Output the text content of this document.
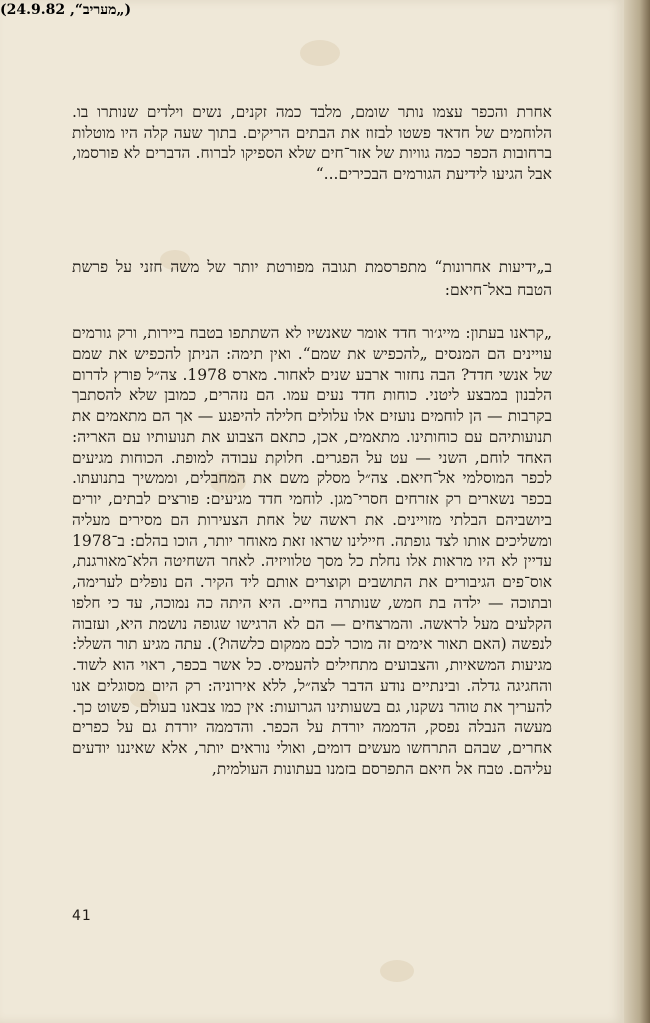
אחרת והכפר עצמו נותר שומם, מלבד כמה זקנים, נשים וילדים שנותרו בו. הלוחמים של חדאד פשטו לבזוז את הבתים הריקים. בתוך שעה קלה היו מוטלות ברחובות הכפר כמה גוויות של אזר־חים שלא הספיקו לברוח. הדברים לא פורסמו, אבל הגיעו לידיעת הגורמים הבכירים...“

(„מעריב“, 24.9.82)

ב„ידיעות אחרונות“ מתפרסמת תגובה מפורטת יותר של משה חזני על פרשת הטבח באל־חיאם:

„קראנו בעתון: מייג׳ור חדד אומר שאנשיו לא השתתפו בטבח ביירות, ורק גורמים עויינים הם המנסים „להכפיש את שמם“. ואין תימה: הניתן להכפיש את שמם של אנשי חדד? הבה נחזור ארבע שנים לאחור. מארס 1978. צה״ל פורץ לדרום הלבנון במבצע ליטני. כוחות חדד נעים עמו. הם נזהרים, כמובן שלא להסתבך בקרבות — הן לוחמים נועזים אלו עלולים חלילה להיפגע — אך הם מתאמים את תנועותיהם עם כוחותינו. מתאמים, אכן, כתאם הצבוע את תנועותיו עם האריה: האחד לוחם, השני — עט על הפגרים. חלוקת עבודה למופת. הכוחות מגיעים לכפר המוסלמי אל־חיאם. צה״ל מסלק משם את המחבלים, וממשיך בתנועתו. בכפר נשארים רק אזרחים חסרי־מגן. לוחמי חדד מגיעים: פורצים לבתים, יורים ביושביהם הבלתי מזויינים. את ראשה של אחת הצעירות הם מסירים מעליה ומשליכים אותו לצד גופתה. חיילינו שראו זאת מאוחר יותר, הוכו בהלם: ב־1978 עדיין לא היו מראות אלו נחלת כל מסך טלוויזיה. לאחר השחיטה הלא־מאורגנת, אוס־פים הגיבורים את התושבים וקוצרים אותם ליד הקיר. הם נופלים לערימה, ובתוכה — ילדה בת חמש, שנותרה בחיים. היא היתה כה נמוכה, עד כי חלפו הקלעים מעל לראשה. והמרצחים — הם לא הרגישו שגופה נושמת היא, ועזבוה לנפשה (האם תאור אימים זה מוכר לכם ממקום כלשהו?). עתה מגיע תור השלל: מגיעות המשאיות, והצבועים מתחילים להעמיס. כל אשר בכפר, ראוי הוא לשוד. והחגיגה גדלה. ובינתיים נודע הדבר לצה״ל, ללא אירוניה: רק היום מסוגלים אנו להעריך את טוהר נשקנו, גם בשעותינו הגרועות: אין כמו צבאנו בעולם, פשוט כך. מעשה הנבלה נפסק, הדממה יורדת על הכפר. והדממה יורדת גם על כפרים אחרים, שבהם התרחשו מעשים דומים, ואולי נוראים יותר, אלא שאיננו יודעים עליהם. טבח אל חיאם התפרסם בזמנו בעתונות העולמית,

41
